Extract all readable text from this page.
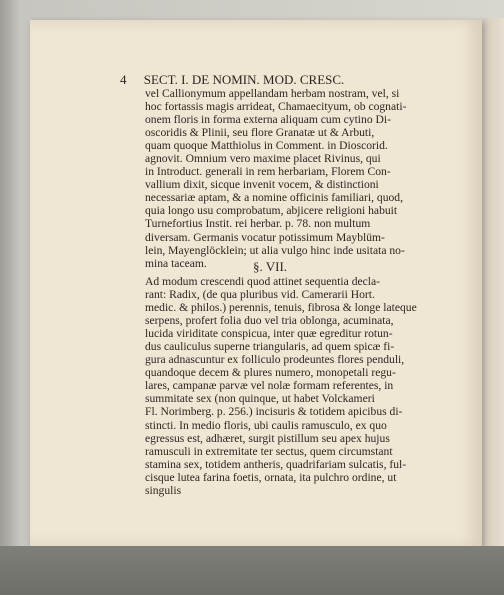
4 SECT. I. DE NOMIN. MOD. CRESC.
vel Callionymum appellandam herbam nostram, vel, si
hoc fortassis magis arrideat, Chamaecityum, ob cognati-
onem floris in forma externa aliquam cum cytino Di-
oscoridis & Plinii, seu flore Granatæ ut & Arbuti,
quam quoque Matthiolus in Comment. in Dioscorid.
agnovit. Omnium vero maxime placet Rivinus, qui
in Introduct. generali in rem herbariam, Florem Con-
vallium dixit, sicque invenit vocem, & distinctioni
necessariæ aptam, & a nomine officinis familiari, quod,
quia longo usu comprobatum, abjicere religioni habuit
Turnefortius Instit. rei herbar. p. 78. non multum
diversam. Germanis vocatur potissimum Mayblüm-
lein, Mayenglöcklein; ut alia vulgo hinc inde usitata no-
mina taceam.	§. VII.
Ad modum crescendi quod attinet sequentia decla-
rant: Radix, (de qua pluribus vid. Camerarii Hort.
medic. & philos.) perennis, tenuis, fibrosa & longe lateque
serpens, profert folia duo vel tria oblonga, acuminata,
lucida viriditate conspicua, inter quæ egreditur rotun-
dus cauliculus superne triangularis, ad quem spicæ fi-
gura adnascuntur ex folliculo prodeuntes flores penduli,
quandoque decem & plures numero, monopetali regu-
lares, campanæ parvæ vel nolæ formam referentes, in
summitate sex (non quinque, ut habet Volckameri
Fl. Norimberg. p. 256.) incisuris & totidem apicibus di-
stincti. In medio floris, ubi caulis ramusculo, ex quo
egressus est, adhæret, surgit pistillum seu apex hujus
ramusculi in extremitate ter sectus, quem circumstant
stamina sex, totidem antheris, quadrifariam sulcatis, ful-
cisque lutea farina foetis, ornata, ita pulchro ordine, ut
singulis
